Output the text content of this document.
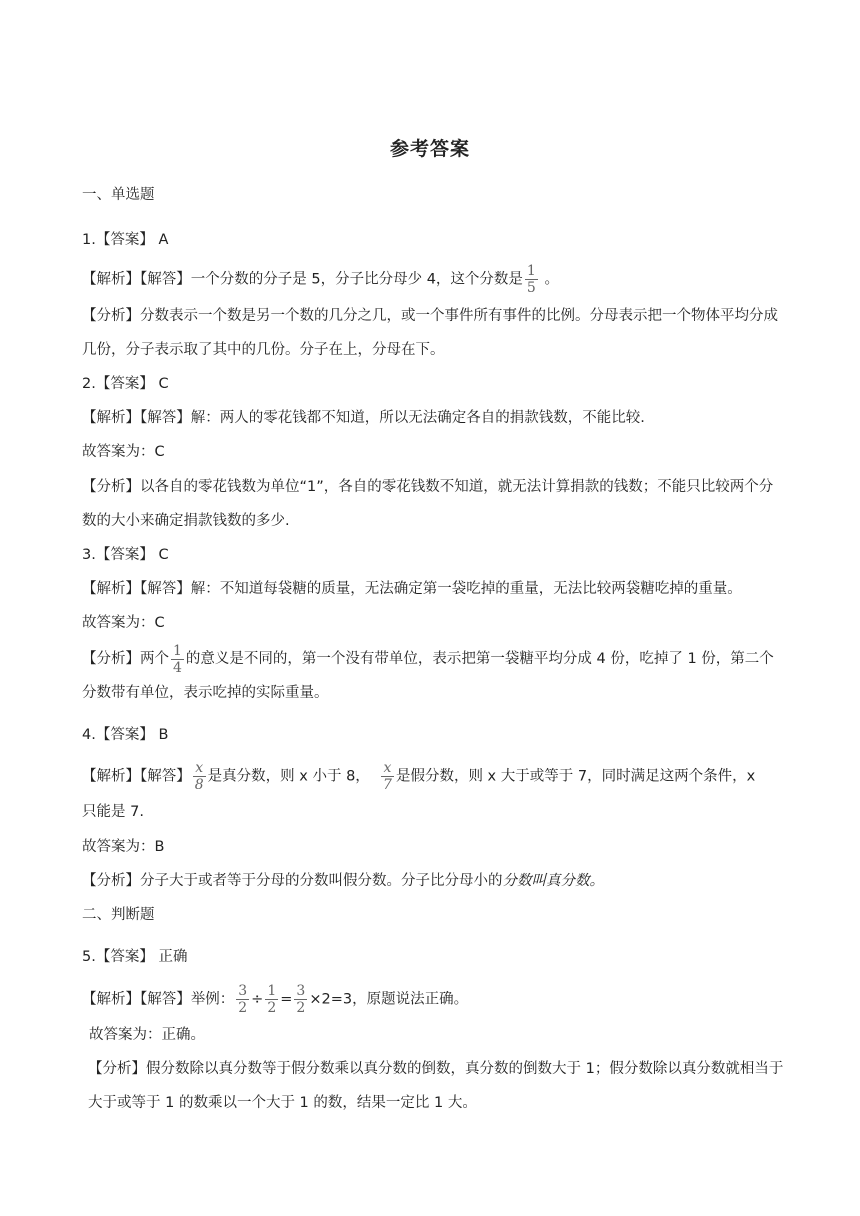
参考答案
一、单选题
1.【答案】 A
【解析】【解答】一个分数的分子是 5，分子比分母少 4，这个分数是 $\frac{1}{5}$ 。
【分析】分数表示一个数是另一个数的几分之几，或一个事件所有事件的比例。分母表示把一个物体平均分成几份，分子表示取了其中的几份。分子在上，分母在下。
2.【答案】 C
【解析】【解答】解：两人的零花钱都不知道，所以无法确定各自的捐款钱数，不能比较.
故答案为：C
【分析】以各自的零花钱数为单位“1”，各自的零花钱数不知道，就无法计算捐款的钱数；不能只比较两个分数的大小来确定捐款钱数的多少.
3.【答案】 C
【解析】【解答】解：不知道每袋糖的质量，无法确定第一袋吃掉的重量，无法比较两袋糖吃掉的重量。
故答案为：C
【分析】两个 $\frac{1}{4}$ 的意义是不同的，第一个没有带单位，表示把第一袋糖平均分成 4 份，吃掉了 1 份，第二个分数带有单位，表示吃掉的实际重量。
4.【答案】 B
【解析】【解答】 $\frac{x}{8}$ 是真分数，则 x 小于 8， $\frac{x}{7}$ 是假分数，则 x 大于或等于 7，同时满足这两个条件，x
只能是 7.
故答案为：B
【分析】分子大于或者等于分母的分数叫假分数。分子比分母小的分数叫真分数。
二、判断题
5.【答案】 正确
【解析】【解答】举例： $\frac{3}{2} \div \frac{1}{2} = \frac{3}{2} \times 2=3$，原题说法正确。
故答案为：正确。
【分析】假分数除以真分数等于假分数乘以真分数的倒数，真分数的倒数大于 1；假分数除以真分数就相当于大于或等于 1 的数乘以一个大于 1 的数，结果一定比 1 大。
